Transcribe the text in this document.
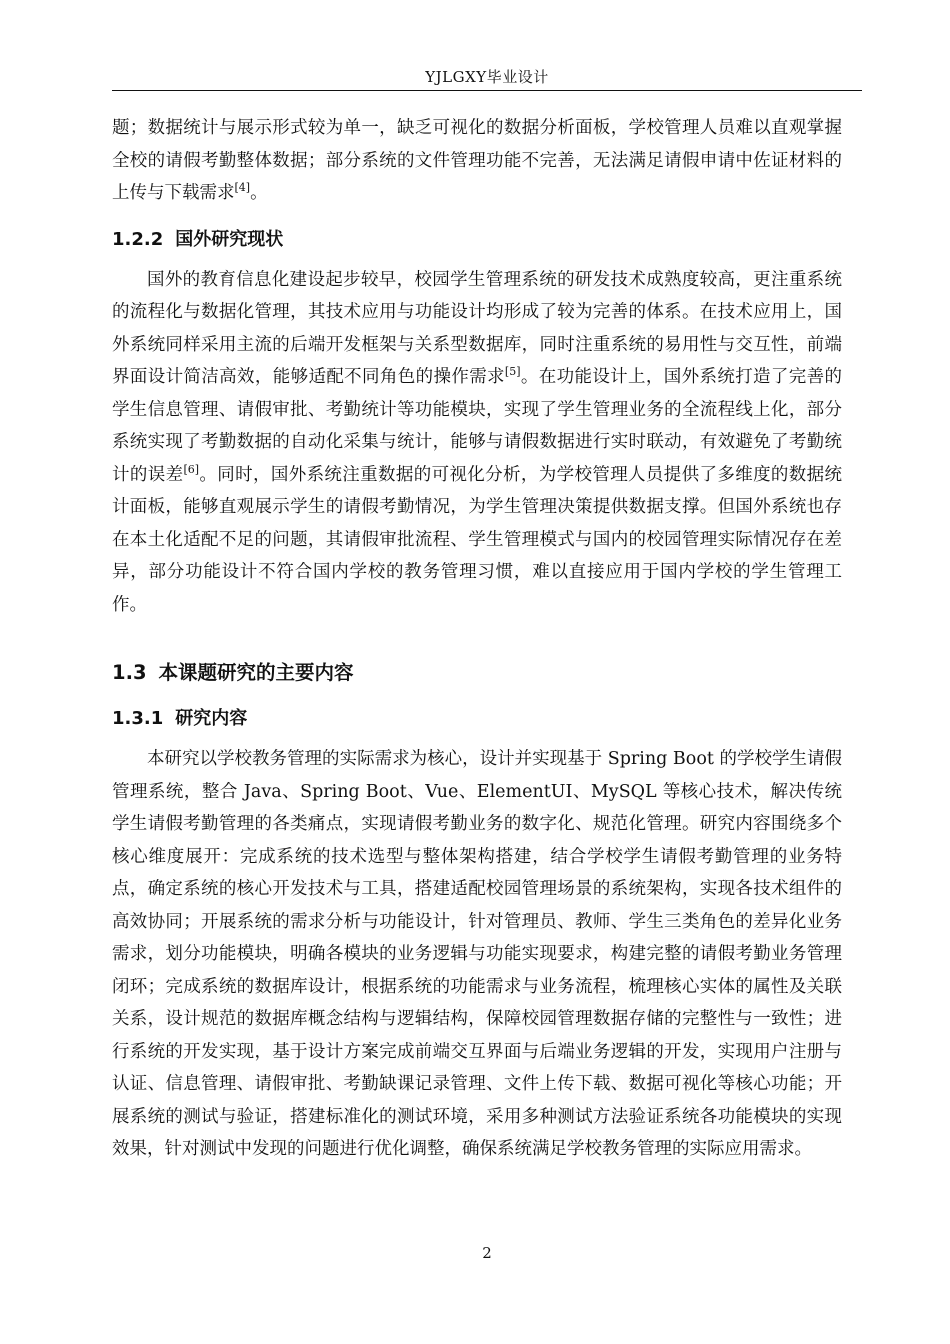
YJLGXY毕业设计

题；数据统计与展示形式较为单一，缺乏可视化的数据分析面板，学校管理人员难以直观掌握全校的请假考勤整体数据；部分系统的文件管理功能不完善，无法满足请假申请中佐证材料的上传与下载需求[4]。

1.2.2 国外研究现状

国外的教育信息化建设起步较早，校园学生管理系统的研发技术成熟度较高，更注重系统的流程化与数据化管理，其技术应用与功能设计均形成了较为完善的体系。在技术应用上，国外系统同样采用主流的后端开发框架与关系型数据库，同时注重系统的易用性与交互性，前端界面设计简洁高效，能够适配不同角色的操作需求[5]。在功能设计上，国外系统打造了完善的学生信息管理、请假审批、考勤统计等功能模块，实现了学生管理业务的全流程线上化，部分系统实现了考勤数据的自动化采集与统计，能够与请假数据进行实时联动，有效避免了考勤统计的误差[6]。同时，国外系统注重数据的可视化分析，为学校管理人员提供了多维度的数据统计面板，能够直观展示学生的请假考勤情况，为学生管理决策提供数据支撑。但国外系统也存在本土化适配不足的问题，其请假审批流程、学生管理模式与国内的校园管理实际情况存在差异，部分功能设计不符合国内学校的教务管理习惯，难以直接应用于国内学校的学生管理工作。

1.3 本课题研究的主要内容
1.3.1 研究内容

本研究以学校教务管理的实际需求为核心，设计并实现基于 Spring Boot 的学校学生请假管理系统，整合 Java、Spring Boot、Vue、ElementUI、MySQL 等核心技术，解决传统学生请假考勤管理的各类痛点，实现请假考勤业务的数字化、规范化管理。研究内容围绕多个核心维度展开：完成系统的技术选型与整体架构搭建，结合学校学生请假考勤管理的业务特点，确定系统的核心开发技术与工具，搭建适配校园管理场景的系统架构，实现各技术组件的高效协同；开展系统的需求分析与功能设计，针对管理员、教师、学生三类角色的差异化业务需求，划分功能模块，明确各模块的业务逻辑与功能实现要求，构建完整的请假考勤业务管理闭环；完成系统的数据库设计，根据系统的功能需求与业务流程，梳理核心实体的属性及关联关系，设计规范的数据库概念结构与逻辑结构，保障校园管理数据存储的完整性与一致性；进行系统的开发实现，基于设计方案完成前端交互界面与后端业务逻辑的开发，实现用户注册与认证、信息管理、请假审批、考勤缺课记录管理、文件上传下载、数据可视化等核心功能；开展系统的测试与验证，搭建标准化的测试环境，采用多种测试方法验证系统各功能模块的实现效果，针对测试中发现的问题进行优化调整，确保系统满足学校教务管理的实际应用需求。

2
